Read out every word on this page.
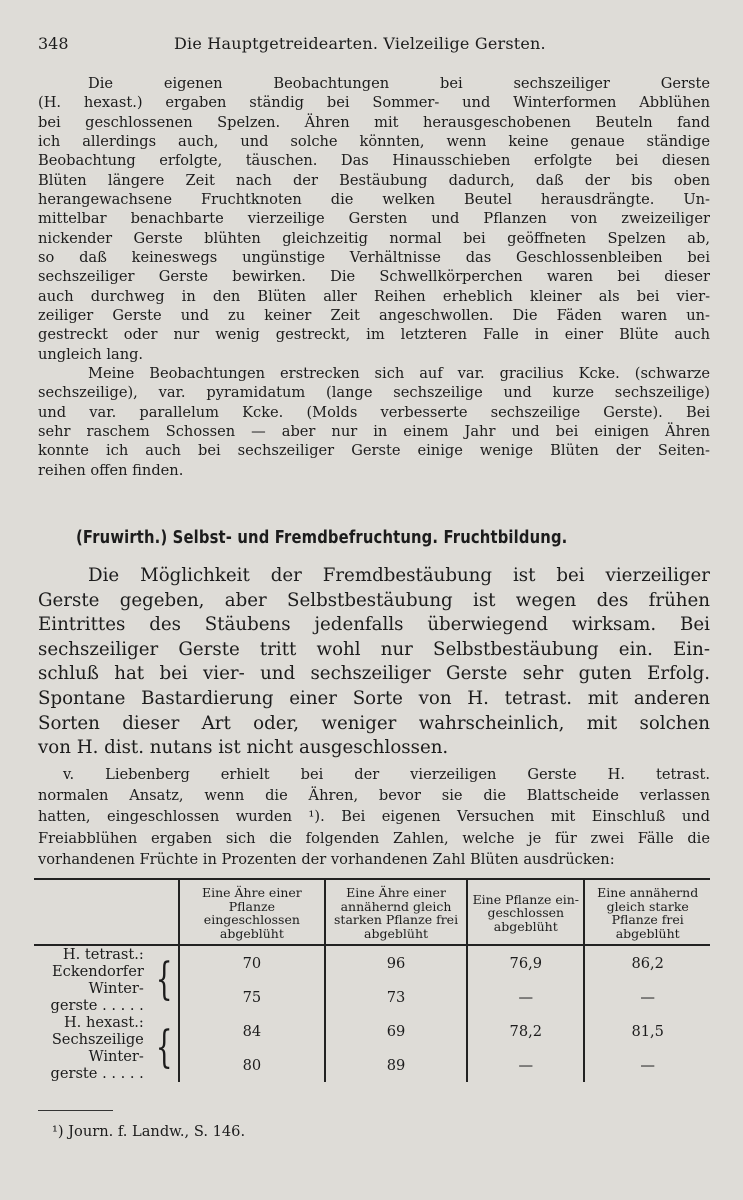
348	Die Hauptgetreidearten. Vielzeilige Gersten.
Die eigenen Beobachtungen bei sechszeiliger Gerste
(H. hexast.) ergaben ständig bei Sommer- und Winterformen Abblühen
bei geschlossenen Spelzen. Ähren mit herausgeschobenen Beuteln fand
ich allerdings auch, und solche könnten, wenn keine genaue ständige
Beobachtung erfolgte, täuschen. Das Hinausschieben erfolgte bei diesen
Blüten längere Zeit nach der Bestäubung dadurch, daß der bis oben
herangewachsene Fruchtknoten die welken Beutel herausdrängte. Un-
mittelbar benachbarte vierzeilige Gersten und Pflanzen von zweizeiliger
nickender Gerste blühten gleichzeitig normal bei geöffneten Spelzen ab,
so daß keineswegs ungünstige Verhältnisse das Geschlossenbleiben bei
sechszeiliger Gerste bewirken. Die Schwellkörperchen waren bei dieser
auch durchweg in den Blüten aller Reihen erheblich kleiner als bei vier-
zeiliger Gerste und zu keiner Zeit angeschwollen. Die Fäden waren un-
gestreckt oder nur wenig gestreckt, im letzteren Falle in einer Blüte auch
ungleich lang.
Meine Beobachtungen erstrecken sich auf var. gracilius Kcke. (schwarze
sechszeilige), var. pyramidatum (lange sechszeilige und kurze sechszeilige)
und var. parallelum Kcke. (Molds verbesserte sechszeilige Gerste). Bei
sehr raschem Schossen — aber nur in einem Jahr und bei einigen Ähren
konnte ich auch bei sechszeiliger Gerste einige wenige Blüten der Seiten-
reihen offen finden.
(Fruwirth.) Selbst- und Fremdbefruchtung. Fruchtbildung.
Die Möglichkeit der Fremdbestäubung ist bei vierzeiliger
Gerste gegeben, aber Selbstbestäubung ist wegen des frühen
Eintrittes des Stäubens jedenfalls überwiegend wirksam. Bei
sechszeiliger Gerste tritt wohl nur Selbstbestäubung ein. Ein-
schluß hat bei vier- und sechszeiliger Gerste sehr guten Erfolg.
Spontane Bastardierung einer Sorte von H. tetrast. mit anderen
Sorten dieser Art oder, weniger wahrscheinlich, mit solchen
von H. dist. nutans ist nicht ausgeschlossen.
v. Liebenberg erhielt bei der vierzeiligen Gerste H. tetrast.
normalen Ansatz, wenn die Ähren, bevor sie die Blattscheide verlassen
hatten, eingeschlossen wurden ¹). Bei eigenen Versuchen mit Einschluß und
Freiabblühen ergaben sich die folgenden Zahlen, welche je für zwei Fälle die
vorhandenen Früchte in Prozenten der vorhandenen Zahl Blüten ausdrücken:
		Eine Ähre einer Pflanze eingeschlossen abgeblüht	Eine Ähre einer annähernd gleich starken Pflanze frei abgeblüht	Eine Pflanze ein-geschlossen abgeblüht	Eine annähernd gleich starke Pflanze frei abgeblüht

H. tetrast.:
Eckendorfer Winter-
gerste . . . . .	{	70	96	76,9	86,2
		75	73	—	—

H. hexast.:
Sechszeilige Winter-
gerste . . . . .	{	84	69	78,2	81,5
		80	89	—	—
¹) Journ. f. Landw., S. 146.
